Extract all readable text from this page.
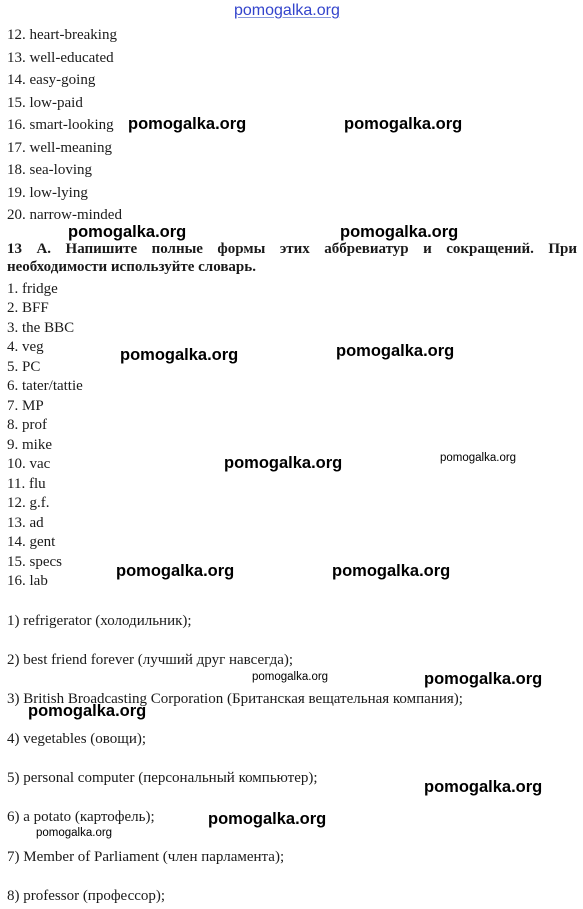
pomogalka.org
12. heart-breaking
13. well-educated
14. easy-going
15. low-paid
16. smart-looking
17. well-meaning
18. sea-loving
19. low-lying
20. narrow-minded
13 А. Напишите полные формы этих аббревиатур и сокращений. При необходимости используйте словарь.
1. fridge
2. BFF
3. the BBC
4. veg
5. PC
6. tater/tattie
7. MP
8. prof
9. mike
10. vac
11. flu
12. g.f.
13. ad
14. gent
15. specs
16. lab
1) refrigerator (холодильник);
2) best friend forever (лучший друг навсегда);
3) British Broadcasting Corporation (Британская вещательная компания);
4) vegetables (овощи);
5) personal computer (персональный компьютер);
6) a potato (картофель);
7) Member of Parliament (член парламента);
8) professor (профессор);
pomogalka.org	pomogalka.org
pomogalka.org	pomogalka.org
pomogalka.org	pomogalka.org
pomogalka.org	pomogalka.org
pomogalka.org	pomogalka.org
pomogalka.org	pomogalka.org
pomogalka.org
pomogalka.org
pomogalka.org
pomogalka.org
